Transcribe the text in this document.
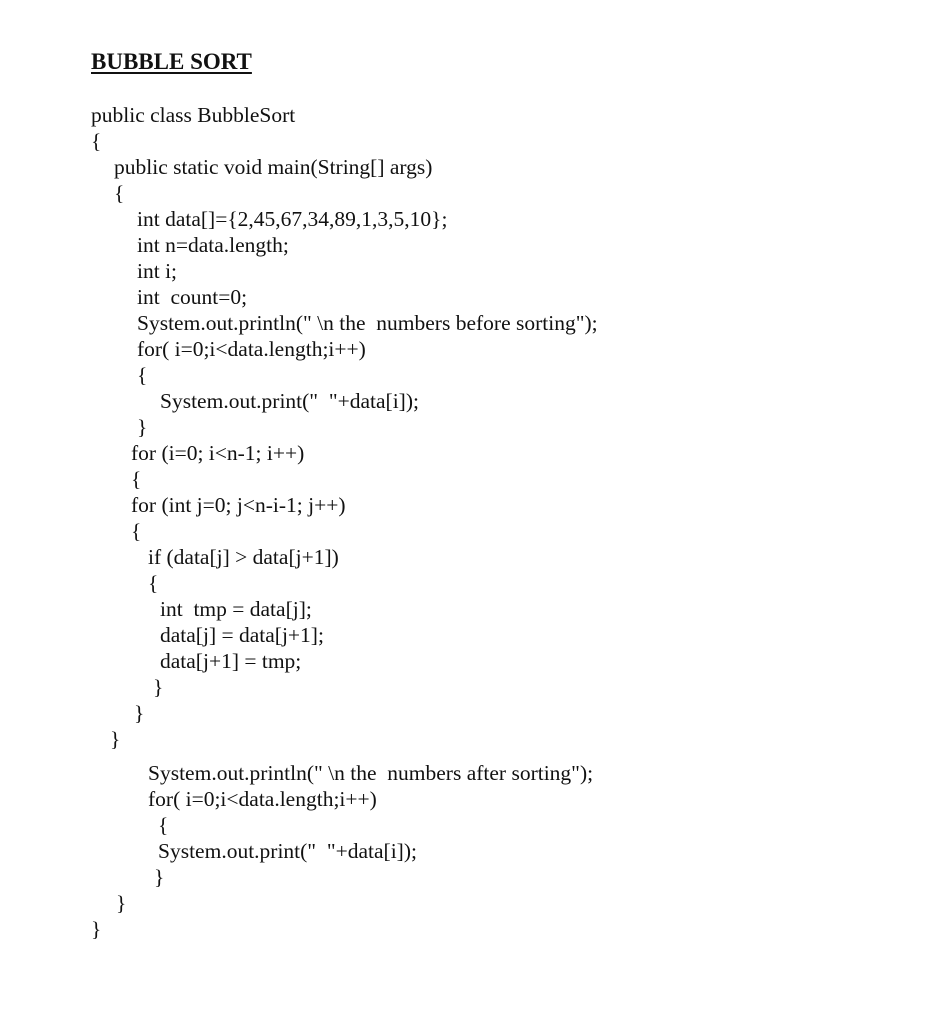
BUBBLE SORT
public class BubbleSort
{
public static void main(String[] args)
{
int data[]={2,45,67,34,89,1,3,5,10};
int n=data.length;
int i;
int  count=0;
System.out.println(" \n the  numbers before sorting");
for( i=0;i<data.length;i++)
{
System.out.print("  "+data[i]);
}
for (i=0; i<n-1; i++)
{
for (int j=0; j<n-i-1; j++)
{
if (data[j] > data[j+1])
{
int  tmp = data[j];
data[j] = data[j+1];
data[j+1] = tmp;
}
}
}
System.out.println(" \n the  numbers after sorting");
for( i=0;i<data.length;i++)
{
System.out.print("  "+data[i]);
}
}
}
